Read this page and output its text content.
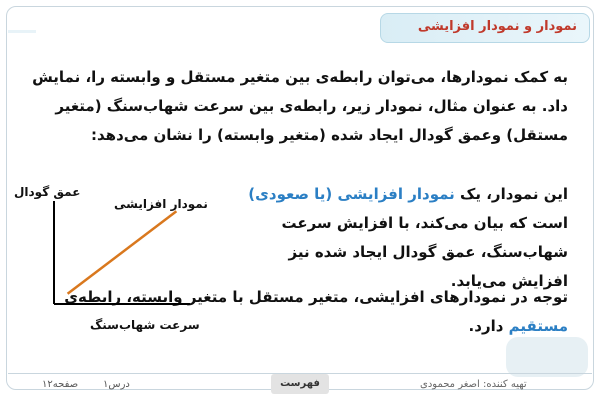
نمودار و نمودار افزایشی
به کمک نمودارها، می‌توان رابطه‌ی بین متغیر مستقل و وابسته را، نمایش داد. به عنوان مثال، نمودار زیر، رابطه‌ی بین سرعت شهاب‌سنگ (متغیر مستقل) وعمق گودال ایجاد شده (متغیر وابسته) را نشان می‌دهد:
این نمودار، یک نمودار افزایشی (یا صعودی) است که بیان می‌کند، با افزایش سرعت شهاب‌سنگ، عمق گودال ایجاد شده نیز افزایش می‌یابد.
توجه در نمودارهای افزایشی، متغیر مستقل با متغیر وابسته، رابطه‌ی مستقیم دارد.
عمق گودال
نمودار افزایشی
سرعت شهاب‌سنگ
صفحه۱۲ درس۱	فهرست	تهیه کننده: اصغر محمودی
